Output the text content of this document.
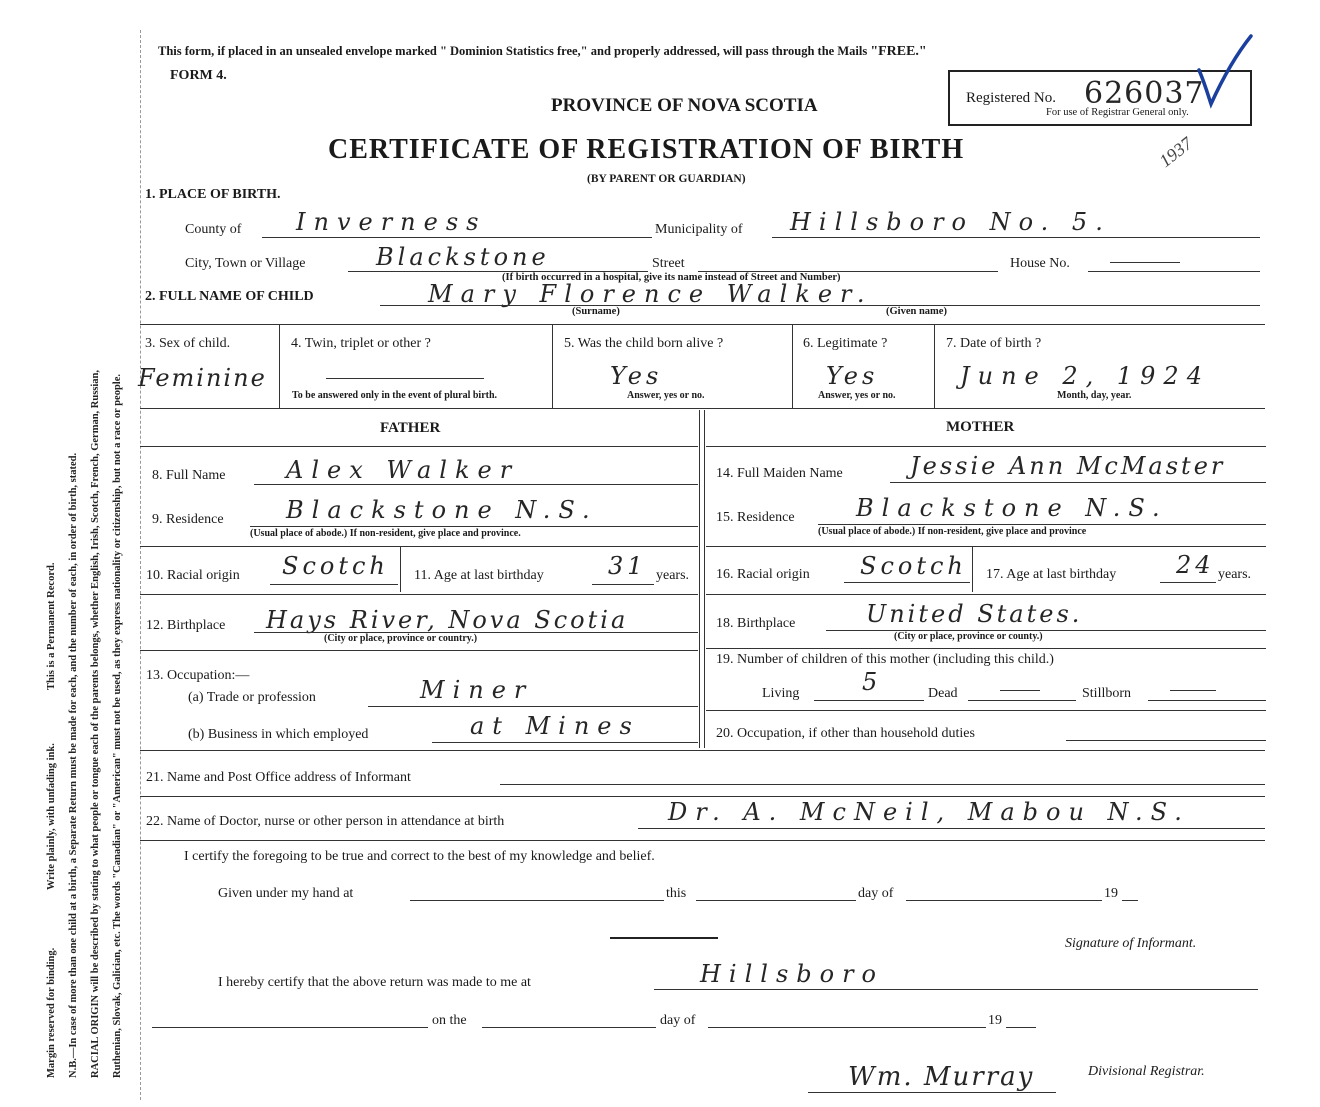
Margin reserved for binding.
Write plainly, with unfading ink.
This is a Permanent Record. N.B.—In case of more than one child at a birth, a Separate Return must be made for each, and the number of each, in order of birth, stated. RACIAL ORIGIN will be described by stating to what people or tongue each of the parents belongs, whether English, Irish, Scotch, French, German, Russian, Ruthenian, Slovak, Galician, etc. The words "Canadian" or "American" must not be used, as they express nationality or citizenship, but not a race or people.
This form, if placed in an unsealed envelope marked " Dominion Statistics free," and properly addressed, will pass through the Mails "FREE."
FORM 4.
PROVINCE OF NOVA SCOTIA
CERTIFICATE OF REGISTRATION OF BIRTH
(BY PARENT OR GUARDIAN)
Registered No. 626037
For use of Registrar General only.
1937
1. PLACE OF BIRTH.
County of Inverness	Municipality of Hillsboro No. 5.
City, Town or Village	Blackstone	Street	House No.
(If birth occurred in a hospital, give its name instead of Street and Number)
2. FULL NAME OF CHILD	Mary Florence Walker.
(Surname)	(Given name)
3. Sex of child.
Feminine
4. Twin, triplet or other ?
To be answered only in the event of plural birth.
5. Was the child born alive ?
Yes
Answer, yes or no.
6. Legitimate ?
Yes
Answer, yes or no.
7. Date of birth ?
June 2, 1924
Month, day, year.
FATHER	MOTHER
8. Full Name	Alex Walker
9. Residence	Blackstone N.S.
(Usual place of abode.) If non-resident, give place and province.
10. Racial origin Scotch 11. Age at last birthday	31 years.
12. Birthplace Hays River, Nova Scotia
(City or place, province or country.)
13. Occupation:—
(a) Trade or profession	Miner
(b) Business in which employed	at Mines
14. Full Maiden Name	Jessie Ann McMaster
15. Residence	Blackstone N.S.
(Usual place of abode.) If non-resident, give place and province
16. Racial origin Scotch 17. Age at last birthday 24 years.
18. Birthplace	United States.
(City or place, province or county.)
19. Number of children of this mother (including this child.)
Living	5	Dead	Stillborn
20. Occupation, if other than household duties
21. Name and Post Office address of Informant
22. Name of Doctor, nurse or other person in attendance at birth	Dr. A. McNeil, Mabou N.S.
I certify the foregoing to be true and correct to the best of my knowledge and belief.
Given under my hand at	this	day of	19
Signature of Informant.
I hereby certify that the above return was made to me at	Hillsboro
on the	day of	19
Wm. Murray	Divisional Registrar.
